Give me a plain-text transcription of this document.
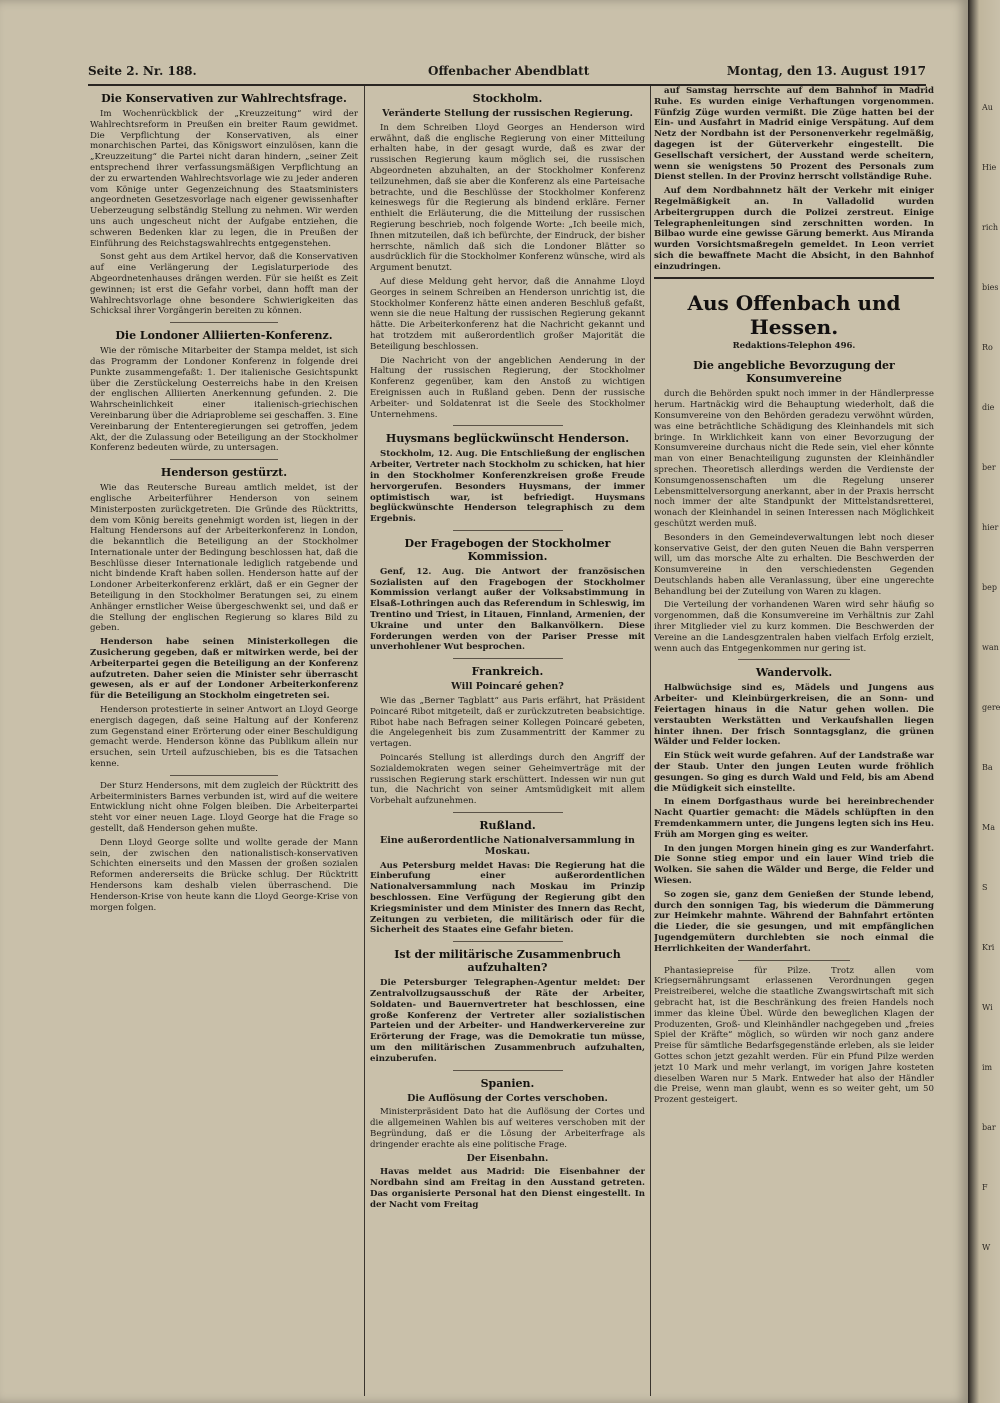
Seite 2. Nr. 188.	Offenbacher Abendblatt	Montag, den 13. August 1917
Die Konservativen zur Wahlrechtsfrage.

Im Wochenrückblick der „Kreuzzeitung“ wird der Wahlrechtsreform in Preußen ein breiter Raum gewidmet. Die Verpflichtung der Konservativen, als einer monarchischen Partei, das Königswort einzulösen, kann die „Kreuzzeitung“ die Partei nicht daran hindern, „seiner Zeit entsprechend ihrer verfassungsmäßigen Verpflichtung an der zu erwartenden Wahlrechtsvorlage wie zu jeder anderen vom Könige unter Gegenzeichnung des Staatsministers angeordneten Gesetzesvorlage nach eigener gewissenhafter Ueberzeugung selbständig Stellung zu nehmen. Wir werden uns auch ungescheut nicht der Aufgabe entziehen, die schweren Bedenken klar zu legen, die in Preußen der Einführung des Reichstagswahlrechts entgegenstehen.

Sonst geht aus dem Artikel hervor, daß die Konservativen auf eine Verlängerung der Legislaturperiode des Abgeordnetenhauses drängen werden. Für sie heißt es Zeit gewinnen; ist erst die Gefahr vorbei, dann hofft man der Wahlrechtsvorlage ohne besondere Schwierigkeiten das Schicksal ihrer Vorgängerin bereiten zu können.

Die Londoner Alliierten-Konferenz.

Wie der römische Mitarbeiter der Stampa meldet, ist sich das Programm der Londoner Konferenz in folgende drei Punkte zusammengefaßt: 1. Der italienische Gesichtspunkt über die Zerstückelung Oesterreichs habe in den Kreisen der englischen Alliierten Anerkennung gefunden. 2. Die Wahrscheinlichkeit einer italienisch-griechischen Vereinbarung über die Adriaprobleme sei geschaffen. 3. Eine Vereinbarung der Ententeregierungen sei getroffen, jedem Akt, der die Zulassung oder Beteiligung an der Stockholmer Konferenz bedeuten würde, zu untersagen.

Henderson gestürzt.

Wie das Reutersche Bureau amtlich meldet, ist der englische Arbeiterführer Henderson von seinem Ministerposten zurückgetreten. Die Gründe des Rücktritts, dem vom König bereits genehmigt worden ist, liegen in der Haltung Hendersons auf der Arbeiterkonferenz in London, die bekanntlich die Beteiligung an der Stockholmer Internationale unter der Bedingung beschlossen hat, daß die Beschlüsse dieser Internationale lediglich ratgebende und nicht bindende Kraft haben sollen. Henderson hatte auf der Londoner Arbeiterkonferenz erklärt, daß er ein Gegner der Beteiligung in den Stockholmer Beratungen sei, zu einem Anhänger ernstlicher Weise übergeschwenkt sei, und daß er die Stellung der englischen Regierung so klares Bild zu geben.

Henderson habe seinen Ministerkollegen die Zusicherung gegeben, daß er mitwirken werde, bei der Arbeiterpartei gegen die Beteiligung an der Konferenz aufzutreten. Daher seien die Minister sehr überrascht gewesen, als er auf der Londoner Arbeiterkonferenz für die Beteiligung an Stockholm eingetreten sei.

Henderson protestierte in seiner Antwort an Lloyd George energisch dagegen, daß seine Haltung auf der Konferenz zum Gegenstand einer Erörterung oder einer Beschuldigung gemacht werde. Henderson könne das Publikum allein nur ersuchen, sein Urteil aufzuschieben, bis es die Tatsachen kenne.

Der Sturz Hendersons, mit dem zugleich der Rücktritt des Arbeiterministers Barnes verbunden ist, wird auf die weitere Entwicklung nicht ohne Folgen bleiben. Die Arbeiterpartei steht vor einer neuen Lage. Lloyd George hat die Frage so gestellt, daß Henderson gehen mußte.

Denn Lloyd George sollte und wollte gerade der Mann sein, der zwischen den nationalistisch-konservativen Schichten einerseits und den Massen der großen sozialen Reformen andererseits die Brücke schlug. Der Rücktritt Hendersons kam deshalb vielen überraschend. Die Henderson-Krise von heute kann die Lloyd George-Krise von morgen folgen.

Stockholm.
Veränderte Stellung der russischen Regierung.

In dem Schreiben Lloyd Georges an Henderson wird erwähnt, daß die englische Regierung von einer Mitteilung erhalten habe, in der gesagt wurde, daß es zwar der russischen Regierung kaum möglich sei, die russischen Abgeordneten abzuhalten, an der Stockholmer Konferenz teilzunehmen, daß sie aber die Konferenz als eine Parteisache betrachte, und die Beschlüsse der Stockholmer Konferenz keineswegs für die Regierung als bindend erkläre. Ferner enthielt die Erläuterung, die die Mitteilung der russischen Regierung beschrieb, noch folgende Worte: „Ich beeile mich, Ihnen mitzuteilen, daß ich befürchte, der Eindruck, der bisher herrschte, nämlich daß sich die Londoner Blätter so ausdrücklich für die Stockholmer Konferenz wünsche, wird als Argument benutzt.

Auf diese Meldung geht hervor, daß die Annahme Lloyd Georges in seinem Schreiben an Henderson unrichtig ist, die Stockholmer Konferenz hätte einen anderen Beschluß gefaßt, wenn sie die neue Haltung der russischen Regierung gekannt hätte. Die Arbeiterkonferenz hat die Nachricht gekannt und hat trotzdem mit außerordentlich großer Majorität die Beteiligung beschlossen.

Die Nachricht von der angeblichen Aenderung in der Haltung der russischen Regierung, der Stockholmer Konferenz gegenüber, kam den Anstoß zu wichtigen Ereignissen auch in Rußland geben. Denn der russische Arbeiter- und Soldatenrat ist die Seele des Stockholmer Unternehmens.

Huysmans beglückwünscht Henderson.

Stockholm, 12. Aug. Die Entschließung der englischen Arbeiter, Vertreter nach Stockholm zu schicken, hat hier in den Stockholmer Konferenzkreisen große Freude hervorgerufen. Besonders Huysmans, der immer optimistisch war, ist befriedigt. Huysmans beglückwünschte Henderson telegraphisch zu dem Ergebnis.

Der Fragebogen der Stockholmer Kommission.

Genf, 12. Aug. Die Antwort der französischen Sozialisten auf den Fragebogen der Stockholmer Kommission verlangt außer der Volksabstimmung in Elsaß-Lothringen auch das Referendum in Schleswig, im Trentino und Triest, in Litauen, Finnland, Armenien, der Ukraine und unter den Balkanvölkern. Diese Forderungen werden von der Pariser Presse mit unverhohlener Wut besprochen.

Frankreich.
Will Poincaré gehen?

Wie das „Berner Tagblatt“ aus Paris erfährt, hat Präsident Poincaré Ribot mitgeteilt, daß er zurückzutreten beabsichtige. Ribot habe nach Befragen seiner Kollegen Poincaré gebeten, die Angelegenheit bis zum Zusammentritt der Kammer zu vertagen.

Poincarés Stellung ist allerdings durch den Angriff der Sozialdemokraten wegen seiner Geheimverträge mit der russischen Regierung stark erschüttert. Indessen wir nun gut tun, die Nachricht von seiner Amtsmüdigkeit mit allem Vorbehalt aufzunehmen.

Rußland.
Eine außerordentliche Nationalversammlung in Moskau.

Aus Petersburg meldet Havas: Die Regierung hat die Einberufung einer außerordentlichen Nationalversammlung nach Moskau im Prinzip beschlossen. Eine Verfügung der Regierung gibt den Kriegsminister und dem Minister des Innern das Recht, Zeitungen zu verbieten, die militärisch oder für die Sicherheit des Staates eine Gefahr bieten.

Ist der militärische Zusammenbruch aufzuhalten?

Die Petersburger Telegraphen-Agentur meldet: Der Zentralvollzugsausschuß der Räte der Arbeiter, Soldaten- und Bauernvertreter hat beschlossen, eine große Konferenz der Vertreter aller sozialistischen Parteien und der Arbeiter- und Handwerkervereine zur Erörterung der Frage, was die Demokratie tun müsse, um den militärischen Zusammenbruch aufzuhalten, einzuberufen.

Spanien.
Die Auflösung der Cortes verschoben.

Ministerpräsident Dato hat die Auflösung der Cortes und die allgemeinen Wahlen bis auf weiteres verschoben mit der Begründung, daß er die Lösung der Arbeiterfrage als dringender erachte als eine politische Frage.

Der Eisenbahn.

Havas meldet aus Madrid: Die Eisenbahner der Nordbahn sind am Freitag in den Ausstand getreten. Das organisierte Personal hat den Dienst eingestellt. In der Nacht vom Freitag

auf Samstag herrschte auf dem Bahnhof in Madrid Ruhe. Es wurden einige Verhaftungen vorgenommen. Fünfzig Züge wurden vermißt. Die Züge hatten bei der Ein- und Ausfahrt in Madrid einige Verspätung. Auf dem Netz der Nordbahn ist der Personenverkehr regelmäßig, dagegen ist der Güterverkehr eingestellt. Die Gesellschaft versichert, der Ausstand werde scheitern, wenn sie wenigstens 50 Prozent des Personals zum Dienst stellen. In der Provinz herrscht vollständige Ruhe.

Auf dem Nordbahnnetz hält der Verkehr mit einiger Regelmäßigkeit an. In Valladolid wurden Arbeitergruppen durch die Polizei zerstreut. Einige Telegraphenleitungen sind zerschnitten worden. In Bilbao wurde eine gewisse Gärung bemerkt. Aus Miranda wurden Vorsichtsmaßregeln gemeldet. In Leon verriet sich die bewaffnete Macht die Absicht, in den Bahnhof einzudringen.

Aus Offenbach und Hessen.
Redaktions-Telephon 496.
Die angebliche Bevorzugung der Konsumvereine

durch die Behörden spukt noch immer in der Händlerpresse herum. Hartnäckig wird die Behauptung wiederholt, daß die Konsumvereine von den Behörden geradezu verwöhnt würden, was eine beträchtliche Schädigung des Kleinhandels mit sich bringe. In Wirklichkeit kann von einer Bevorzugung der Konsumvereine durchaus nicht die Rede sein, viel eher könnte man von einer Benachteiligung zugunsten der Kleinhändler sprechen. Theoretisch allerdings werden die Verdienste der Konsumgenossenschaften um die Regelung unserer Lebensmittelversorgung anerkannt, aber in der Praxis herrscht noch immer der alte Standpunkt der Mittelstandsretterei, wonach der Kleinhandel in seinen Interessen nach Möglichkeit geschützt werden muß.

Besonders in den Gemeindeverwaltungen lebt noch dieser konservative Geist, der den guten Neuen die Bahn versperren will, um das morsche Alte zu erhalten. Die Beschwerden der Konsumvereine in den verschiedensten Gegenden Deutschlands haben alle Veranlassung, über eine ungerechte Behandlung bei der Zuteilung von Waren zu klagen.

Die Verteilung der vorhandenen Waren wird sehr häufig so vorgenommen, daß die Konsumvereine im Verhältnis zur Zahl ihrer Mitglieder viel zu kurz kommen. Die Beschwerden der Vereine an die Landesgzentralen haben vielfach Erfolg erzielt, wenn auch das Entgegenkommen nur gering ist.

Wandervolk.

Halbwüchsige sind es, Mädels und Jungens aus Arbeiter- und Kleinbürgerkreisen, die an Sonn- und Feiertagen hinaus in die Natur gehen wollen. Die verstaubten Werkstätten und Verkaufshallen liegen hinter ihnen. Der frisch Sonntagsglanz, die grünen Wälder und Felder locken.

Ein Stück weit wurde gefahren. Auf der Landstraße war der Staub. Unter den jungen Leuten wurde fröhlich gesungen. So ging es durch Wald und Feld, bis am Abend die Müdigkeit sich einstellte.

In einem Dorfgasthaus wurde bei hereinbrechender Nacht Quartier gemacht: die Mädels schlüpften in den Fremdenkammern unter, die Jungens legten sich ins Heu. Früh am Morgen ging es weiter.

In den jungen Morgen hinein ging es zur Wanderfahrt. Die Sonne stieg empor und ein lauer Wind trieb die Wolken. Sie sahen die Wälder und Berge, die Felder und Wiesen.

So zogen sie, ganz dem Genießen der Stunde lebend, durch den sonnigen Tag, bis wiederum die Dämmerung zur Heimkehr mahnte. Während der Bahnfahrt ertönten die Lieder, die sie gesungen, und mit empfänglichen Jugendgemütern durchlebten sie noch einmal die Herrlichkeiten der Wanderfahrt.

Phantasiepreise für Pilze. Trotz allen vom Kriegsernährungsamt erlassenen Verordnungen gegen Preistreiberei, welche die staatliche Zwangswirtschaft mit sich gebracht hat, ist die Beschränkung des freien Handels noch immer das kleine Übel. Würde den beweglichen Klagen der Produzenten, Groß- und Kleinhändler nachgegeben und „freies Spiel der Kräfte“ möglich, so würden wir noch ganz andere Preise für sämtliche Bedarfsgegenstände erleben, als sie leider Gottes schon jetzt gezahlt werden. Für ein Pfund Pilze werden jetzt 10 Mark und mehr verlangt, im vorigen Jahre kosteten dieselben Waren nur 5 Mark. Entweder hat also der Händler die Preise, wenn man glaubt, wenn es so weiter geht, um 50 Prozent gesteigert.

Au
Hie
rich
bies
Ro
die
ber
hier
bep
wan
gere
Ba
Ma
S
Kri
Wi
im
bar
F
W
